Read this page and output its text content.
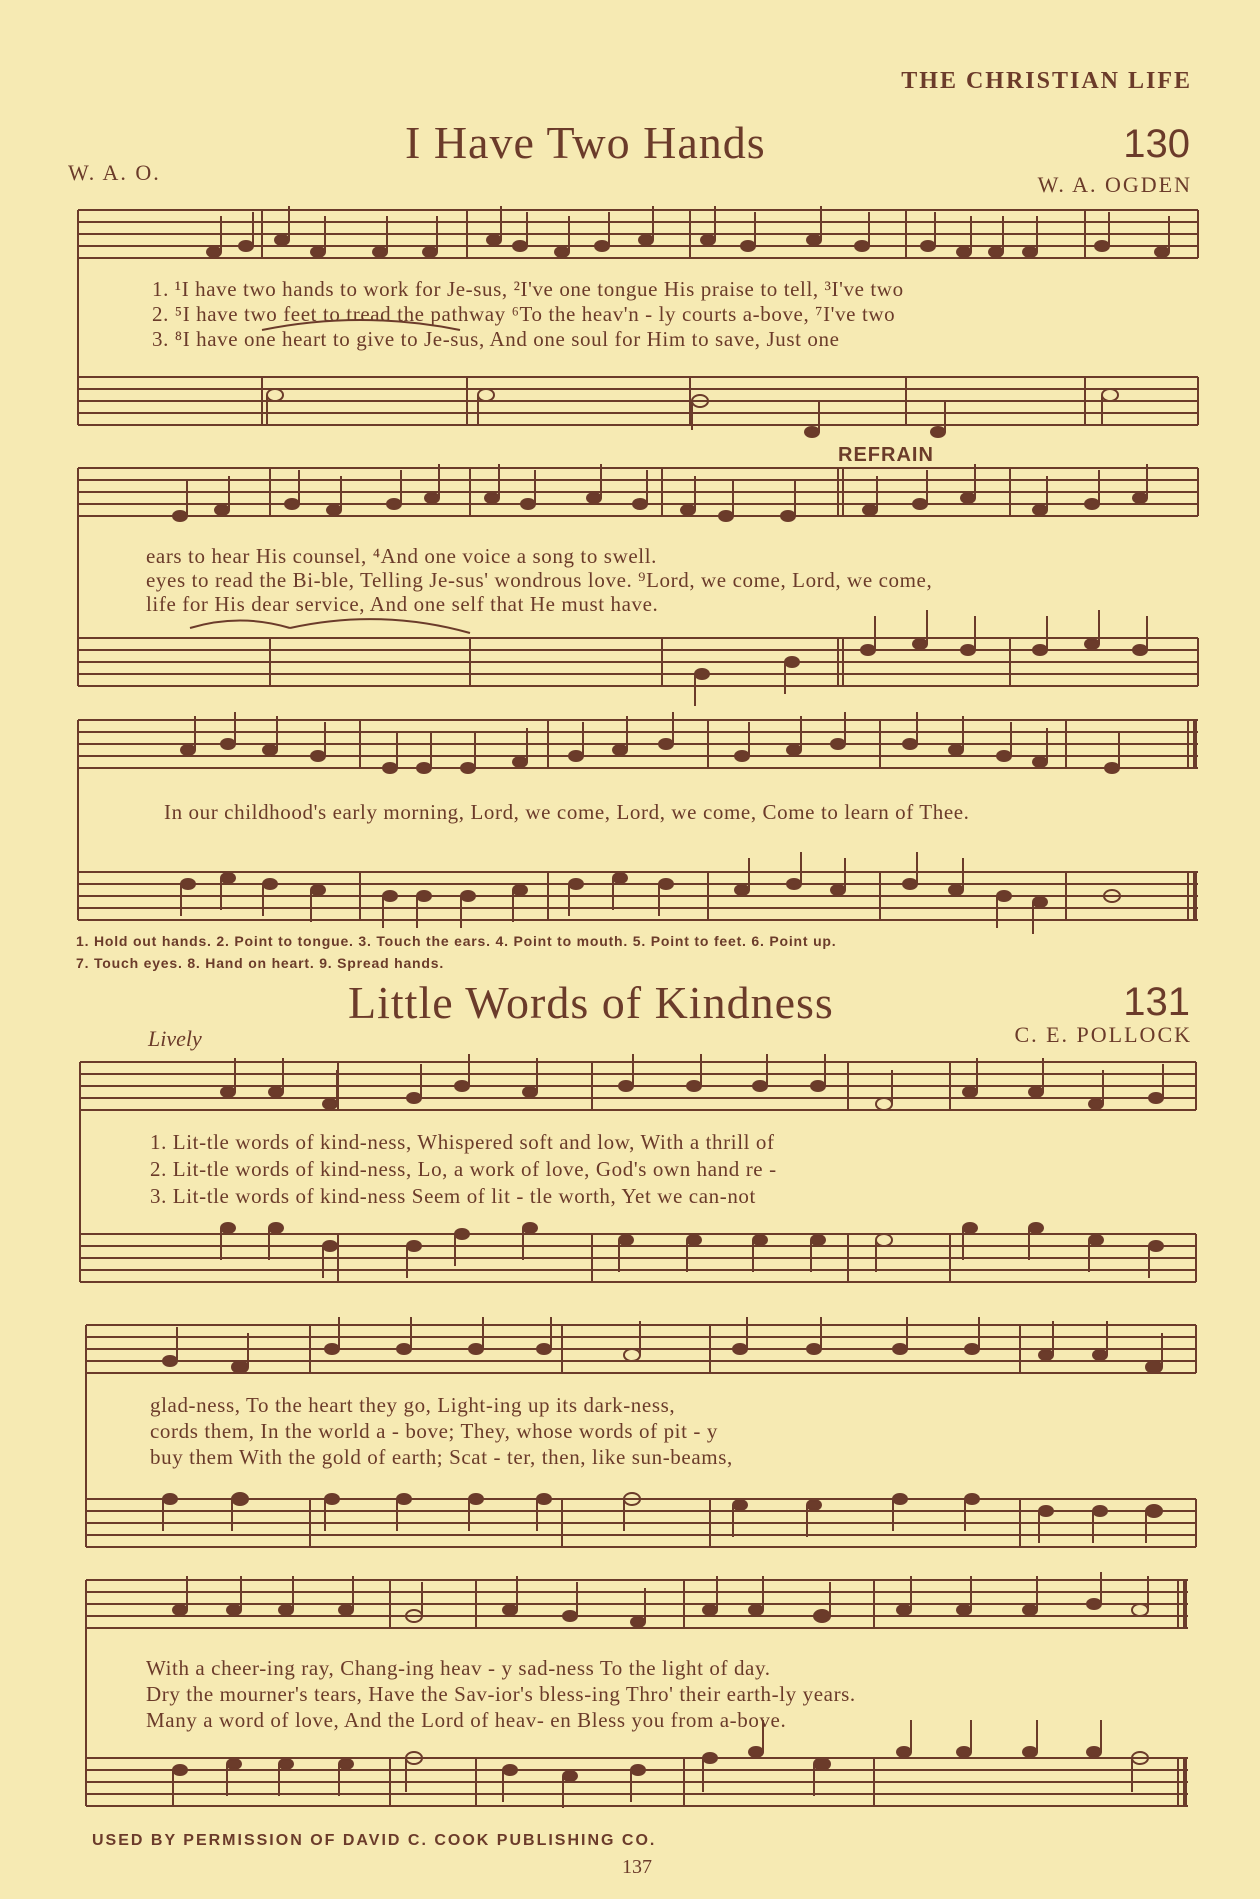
THE CHRISTIAN LIFE
I Have Two Hands	130
W. A. O.	W. A. OGDEN
1. ¹I have two hands to work for Je-sus, ²I've one tongue His praise to tell, ³I've two
2. ⁵I have two feet to tread the pathway ⁶To the heav'n - ly courts a-bove, ⁷I've two
3. ⁸I have one heart to give to Je-sus, And one soul for Him to save, Just one
REFRAIN
ears to hear His counsel, ⁴And one voice a song to swell.
eyes to read the Bi-ble, Telling Je-sus' wondrous love. ⁹Lord, we come, Lord, we come,
life for His dear service, And one self that He must have.
In our childhood's early morning, Lord, we come, Lord, we come, Come to learn of Thee.
1. Hold out hands. 2. Point to tongue. 3. Touch the ears. 4. Point to mouth. 5. Point to feet. 6. Point up.
7. Touch eyes. 8. Hand on heart. 9. Spread hands.
Little Words of Kindness	131
Lively	C. E. POLLOCK
1. Lit-tle words of kind-ness, Whispered soft and low, With a thrill of
2. Lit-tle words of kind-ness, Lo, a work of love, God's own hand re -
3. Lit-tle words of kind-ness Seem of lit - tle worth, Yet we can-not
glad-ness, To the heart they go, Light-ing up its dark-ness,
cords them, In the world a - bove; They, whose words of pit - y
buy them With the gold of earth; Scat - ter, then, like sun-beams,
With a cheer-ing ray, Chang-ing heav - y sad-ness To the light of day.
Dry the mourner's tears, Have the Sav-ior's bless-ing Thro' their earth-ly years.
Many a word of love, And the Lord of heav- en Bless you from a-bove.
USED BY PERMISSION OF DAVID C. COOK PUBLISHING CO.
137
